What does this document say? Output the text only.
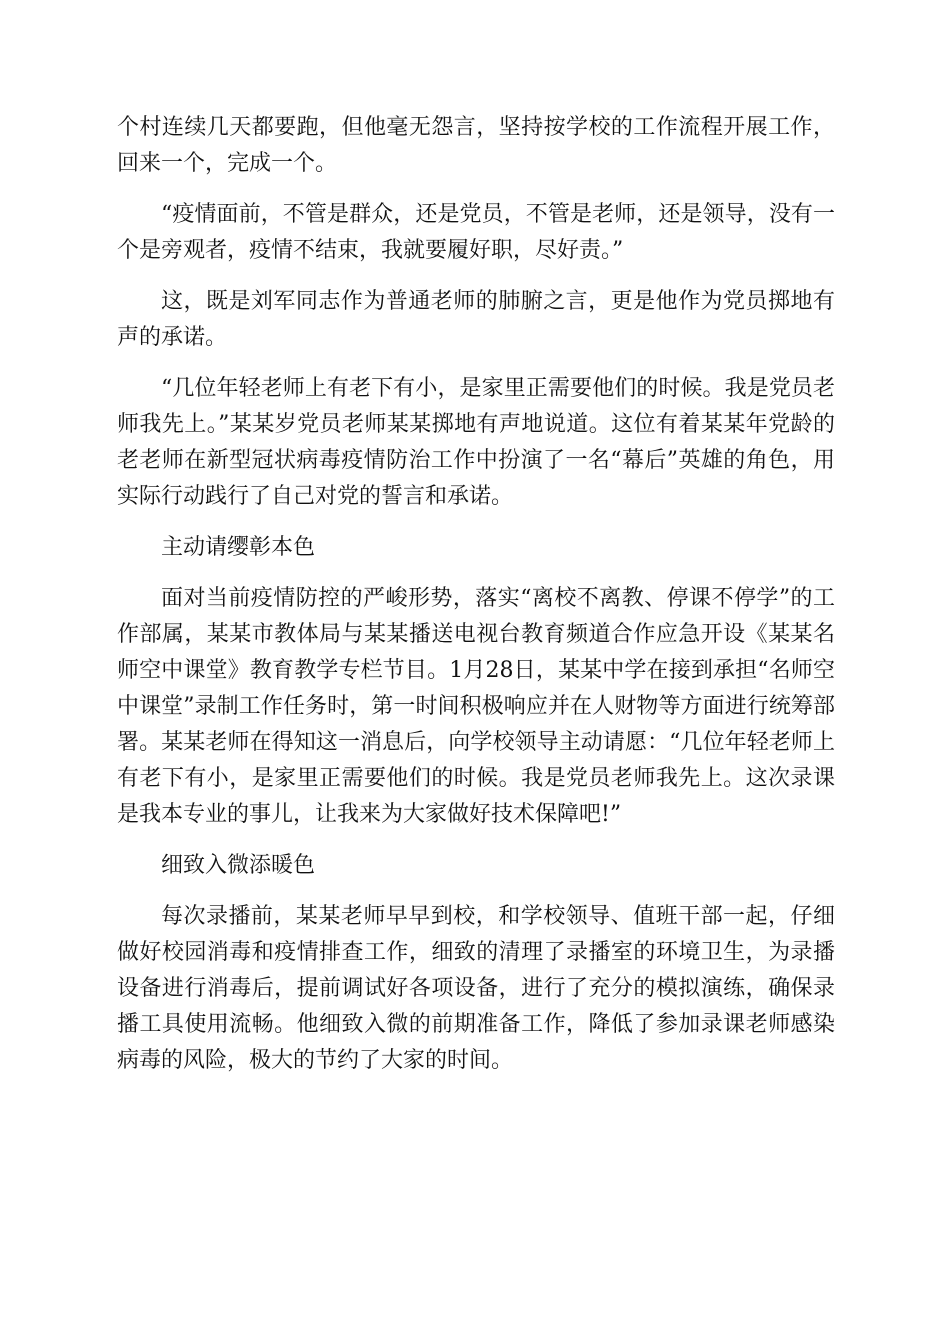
个村连续几天都要跑，但他毫无怨言，坚持按学校的工作流程开展工作，回来一个，完成一个。

“疫情面前，不管是群众，还是党员，不管是老师，还是领导，没有一个是旁观者，疫情不结束，我就要履好职，尽好责。”

这，既是刘军同志作为普通老师的肺腑之言，更是他作为党员掷地有声的承诺。

“几位年轻老师上有老下有小，是家里正需要他们的时候。我是党员老师我先上。”某某岁党员老师某某掷地有声地说道。这位有着某某年党龄的老老师在新型冠状病毒疫情防治工作中扮演了一名“幕后”英雄的角色，用实际行动践行了自己对党的誓言和承诺。

主动请缨彰本色

面对当前疫情防控的严峻形势，落实“离校不离教、停课不停学”的工作部属，某某市教体局与某某播送电视台教育频道合作应急开设《某某名师空中课堂》教育教学专栏节目。1月28日，某某中学在接到承担“名师空中课堂”录制工作任务时，第一时间积极响应并在人财物等方面进行统筹部署。某某老师在得知这一消息后，向学校领导主动请愿：“几位年轻老师上有老下有小，是家里正需要他们的时候。我是党员老师我先上。这次录课是我本专业的事儿，让我来为大家做好技术保障吧!”

细致入微添暖色

每次录播前，某某老师早早到校，和学校领导、值班干部一起，仔细做好校园消毒和疫情排查工作，细致的清理了录播室的环境卫生，为录播设备进行消毒后，提前调试好各项设备，进行了充分的模拟演练，确保录播工具使用流畅。他细致入微的前期准备工作，降低了参加录课老师感染病毒的风险，极大的节约了大家的时间。
